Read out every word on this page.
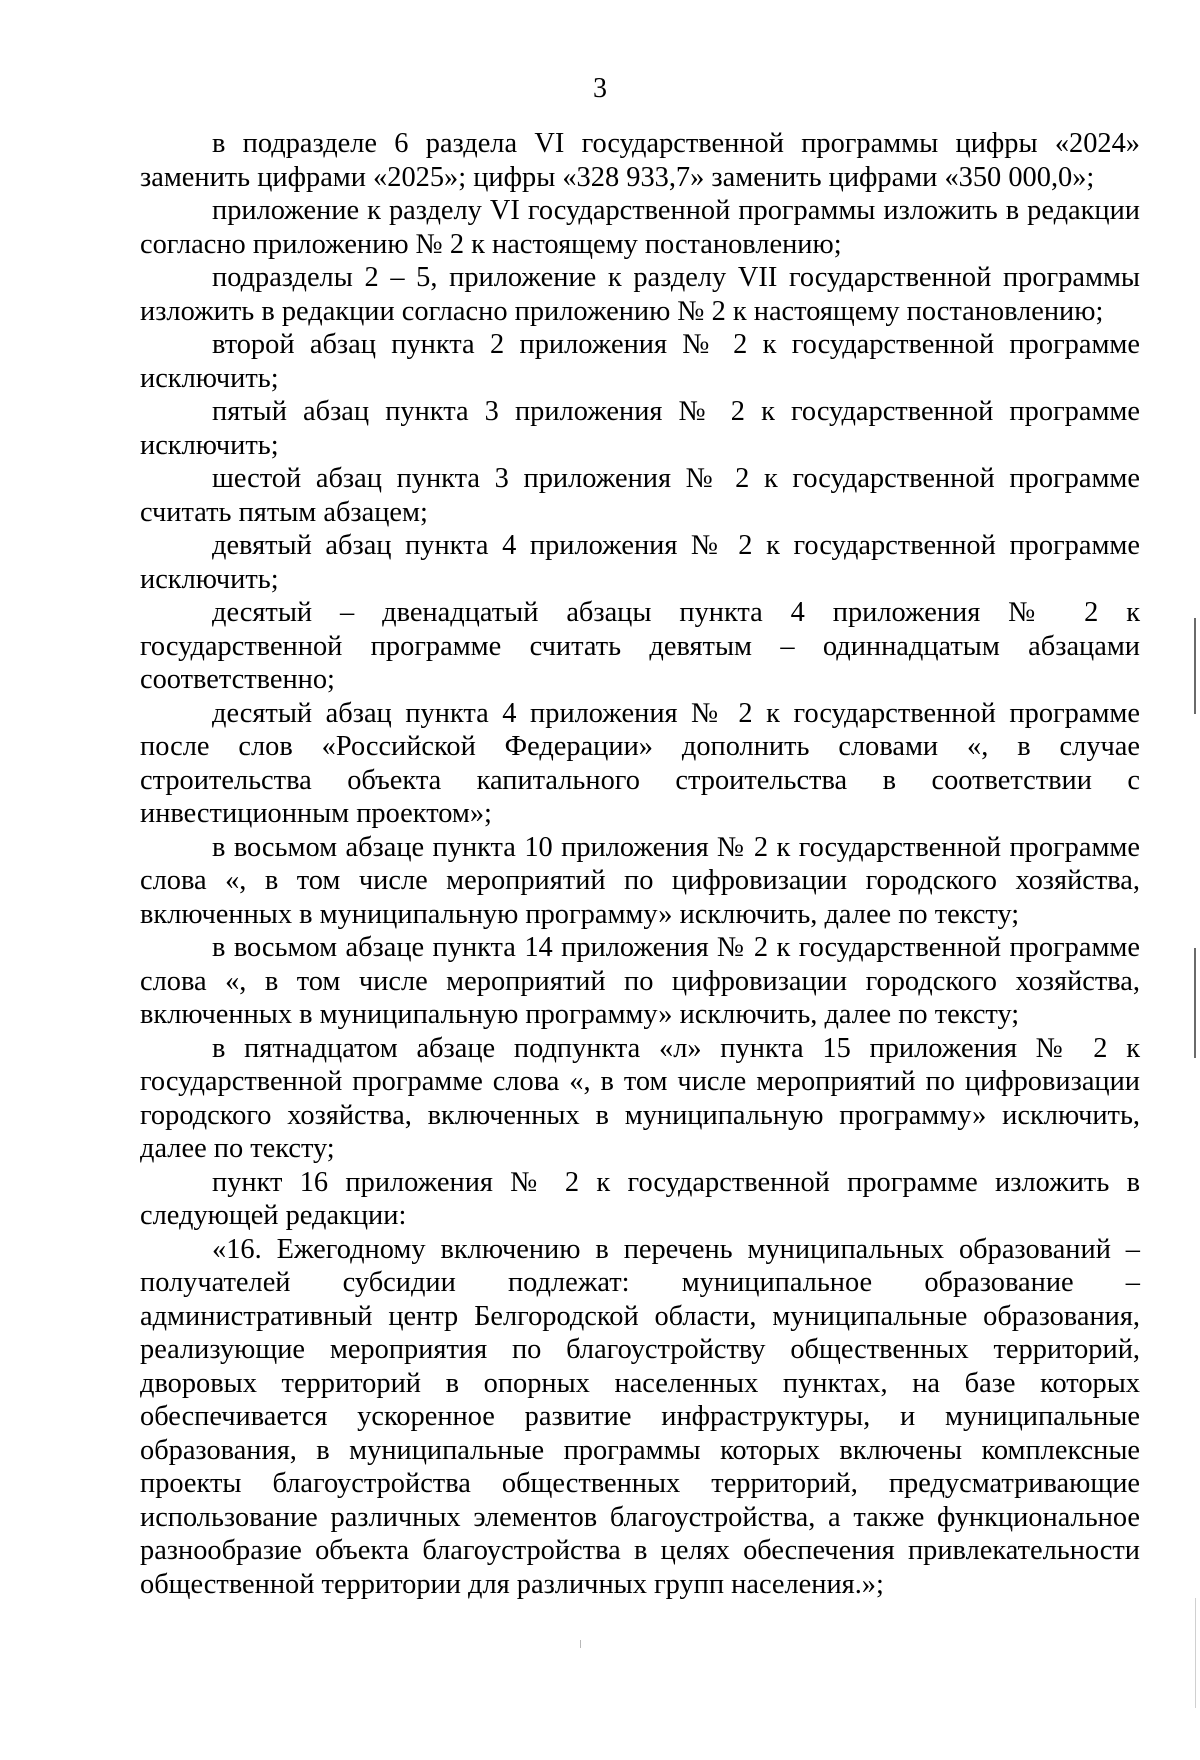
3

в подразделе 6 раздела VI государственной программы цифры «2024» заменить цифрами «2025»; цифры «328 933,7» заменить цифрами «350 000,0»;

приложение к разделу VI государственной программы изложить в редакции согласно приложению № 2 к настоящему постановлению;

подразделы 2 – 5, приложение к разделу VII государственной программы изложить в редакции согласно приложению № 2 к настоящему постановлению;

второй абзац пункта 2 приложения № 2 к государственной программе исключить;

пятый абзац пункта 3 приложения № 2 к государственной программе исключить;

шестой абзац пункта 3 приложения № 2 к государственной программе считать пятым абзацем;

девятый абзац пункта 4 приложения № 2 к государственной программе исключить;

десятый – двенадцатый абзацы пункта 4 приложения № 2 к государственной программе считать девятым – одиннадцатым абзацами соответственно;

десятый абзац пункта 4 приложения № 2 к государственной программе после слов «Российской Федерации» дополнить словами «, в случае строительства объекта капитального строительства в соответствии с инвестиционным проектом»;

в восьмом абзаце пункта 10 приложения № 2 к государственной программе слова «, в том числе мероприятий по цифровизации городского хозяйства, включенных в муниципальную программу» исключить, далее по тексту;

в восьмом абзаце пункта 14 приложения № 2 к государственной программе слова «, в том числе мероприятий по цифровизации городского хозяйства, включенных в муниципальную программу» исключить, далее по тексту;

в пятнадцатом абзаце подпункта «л» пункта 15 приложения № 2 к государственной программе слова «, в том числе мероприятий по цифровизации городского хозяйства, включенных в муниципальную программу» исключить, далее по тексту;

пункт 16 приложения № 2 к государственной программе изложить в следующей редакции:

«16. Ежегодному включению в перечень муниципальных образований – получателей субсидии подлежат: муниципальное образование – административный центр Белгородской области, муниципальные образования, реализующие мероприятия по благоустройству общественных территорий, дворовых территорий в опорных населенных пунктах, на базе которых обеспечивается ускоренное развитие инфраструктуры, и муниципальные образования, в муниципальные программы которых включены комплексные проекты благоустройства общественных территорий, предусматривающие использование различных элементов благоустройства, а также функциональное разнообразие объекта благоустройства в целях обеспечения привлекательности общественной территории для различных групп населения.»;
